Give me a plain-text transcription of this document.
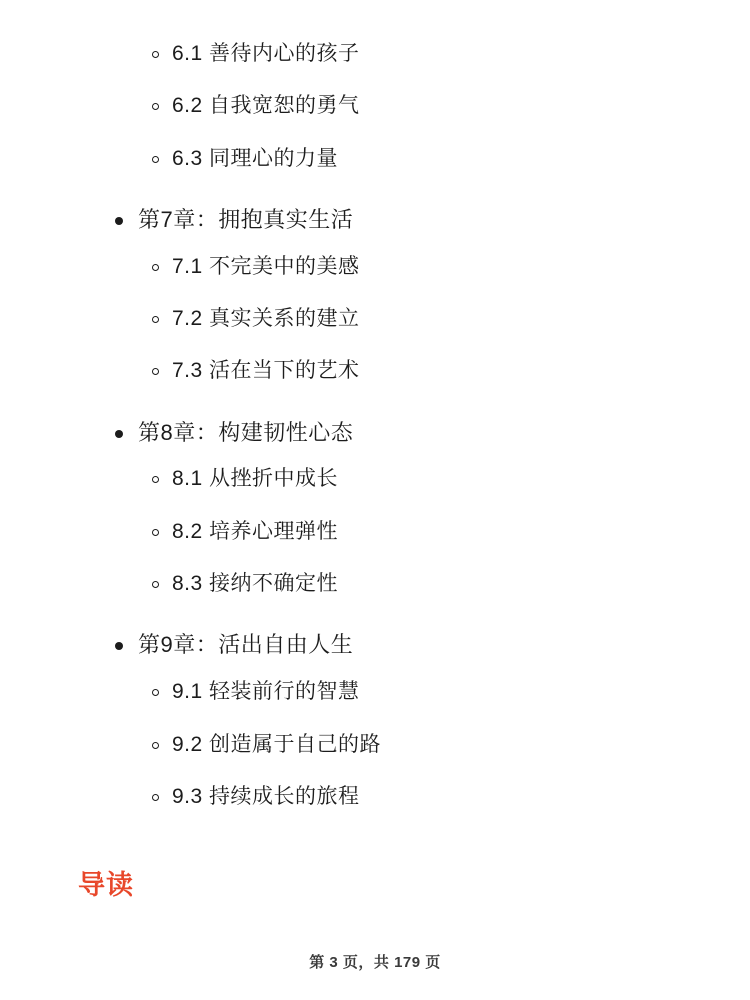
6.1 善待内心的孩子
6.2 自我宽恕的勇气
6.3 同理心的力量
第7章：拥抱真实生活
7.1 不完美中的美感
7.2 真实关系的建立
7.3 活在当下的艺术
第8章：构建韧性心态
8.1 从挫折中成长
8.2 培养心理弹性
8.3 接纳不确定性
第9章：活出自由人生
9.1 轻装前行的智慧
9.2 创造属于自己的路
9.3 持续成长的旅程
导读
第 3 页，共 179 页
